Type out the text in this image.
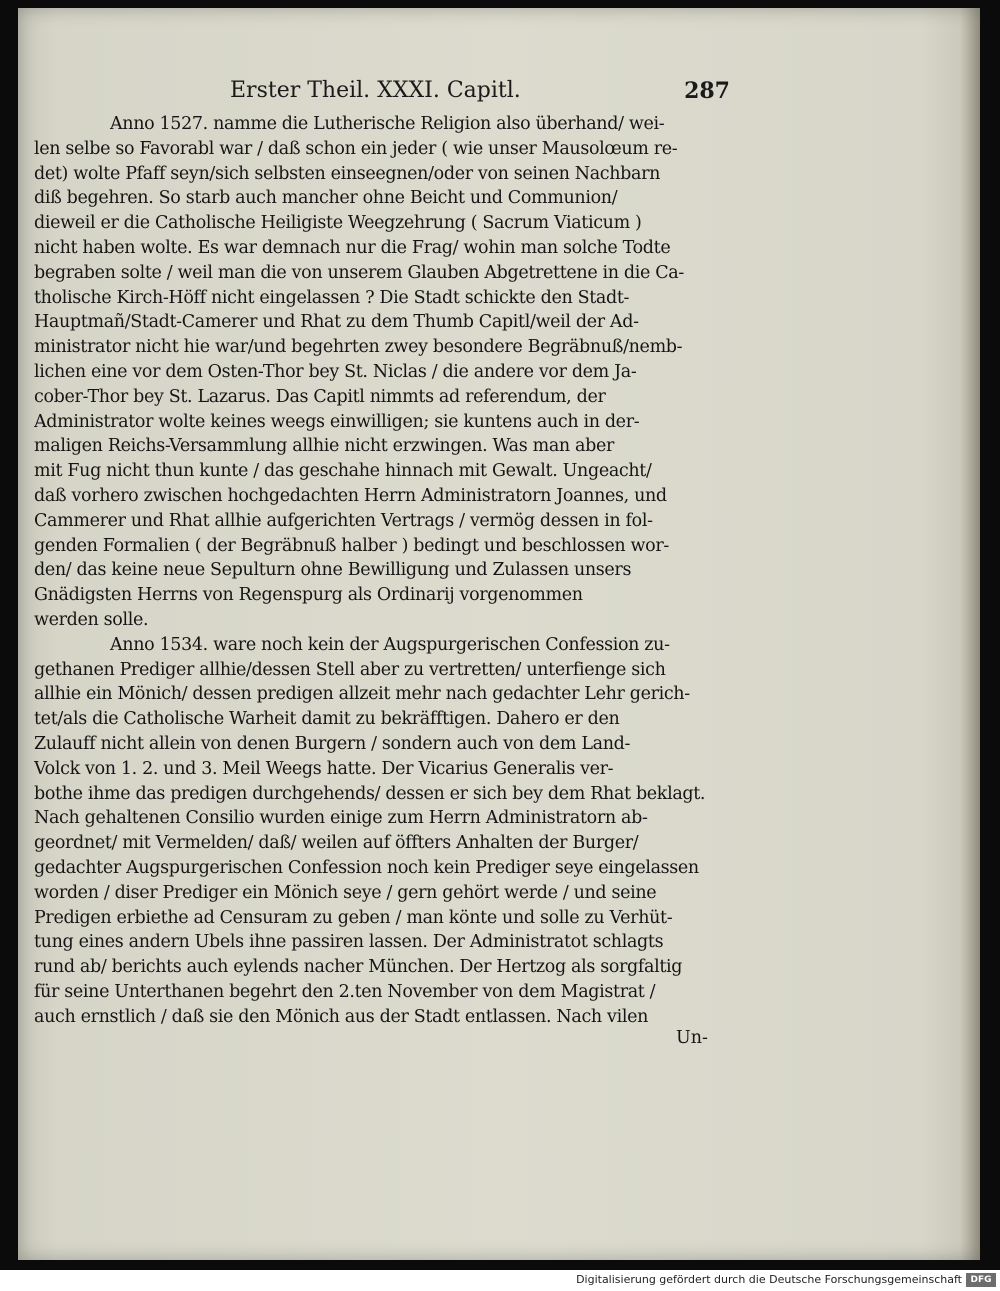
Erster Theil. XXXI. Capitl.	287
Anno 1527. namme die Lutherische Religion also überhand/ wei-
len selbe so Favorabl war / daß schon ein jeder ( wie unser Mausolœum re-
det) wolte Pfaff seyn/sich selbsten einseegnen/oder von seinen Nachbarn
diß begehren. So starb auch mancher ohne Beicht und Communion/
dieweil er die Catholische Heiligiste Weegzehrung ( Sacrum Viaticum )
nicht haben wolte. Es war demnach nur die Frag/ wohin man solche Todte
begraben solte / weil man die von unserem Glauben Abgetrettene in die Ca-
tholische Kirch-Höff nicht eingelassen ? Die Stadt schickte den Stadt-
Hauptmañ/Stadt-Camerer und Rhat zu dem Thumb Capitl/weil der Ad-
ministrator nicht hie war/und begehrten zwey besondere Begräbnuß/nemb-
lichen eine vor dem Osten-Thor bey St. Niclas / die andere vor dem Ja-
cober-Thor bey St. Lazarus. Das Capitl nimmts ad referendum, der
Administrator wolte keines weegs einwilligen; sie kuntens auch in der-
maligen Reichs-Versammlung allhie nicht erzwingen. Was man aber
mit Fug nicht thun kunte / das geschahe hinnach mit Gewalt. Ungeacht/
daß vorhero zwischen hochgedachten Herrn Administratorn Joannes, und
Cammerer und Rhat allhie aufgerichten Vertrags / vermög dessen in fol-
genden Formalien ( der Begräbnuß halber ) bedingt und beschlossen wor-
den/ das keine neue Sepulturn ohne Bewilligung und Zulassen unsers
Gnädigsten Herrns von Regenspurg als Ordinarij vorgenommen
werden solle.
Anno 1534. ware noch kein der Augspurgerischen Confession zu-
gethanen Prediger allhie/dessen Stell aber zu vertretten/ unterfienge sich
allhie ein Mönich/ dessen predigen allzeit mehr nach gedachter Lehr gerich-
tet/als die Catholische Warheit damit zu bekräfftigen. Dahero er den
Zulauff nicht allein von denen Burgern / sondern auch von dem Land-
Volck von 1. 2. und 3. Meil Weegs hatte. Der Vicarius Generalis ver-
bothe ihme das predigen durchgehends/ dessen er sich bey dem Rhat beklagt.
Nach gehaltenen Consilio wurden einige zum Herrn Administratorn ab-
geordnet/ mit Vermelden/ daß/ weilen auf öffters Anhalten der Burger/
gedachter Augspurgerischen Confession noch kein Prediger seye eingelassen
worden / diser Prediger ein Mönich seye / gern gehört werde / und seine
Predigen erbiethe ad Censuram zu geben / man könte und solle zu Verhüt-
tung eines andern Ubels ihne passiren lassen. Der Administratot schlagts
rund ab/ berichts auch eylends nacher München. Der Hertzog als sorgfaltig
für seine Unterthanen begehrt den 2.ten November von dem Magistrat /
auch ernstlich / daß sie den Mönich aus der Stadt entlassen. Nach vilen
Un-
Digitalisierung gefördert durch die Deutsche Forschungsgemeinschaft DFG
